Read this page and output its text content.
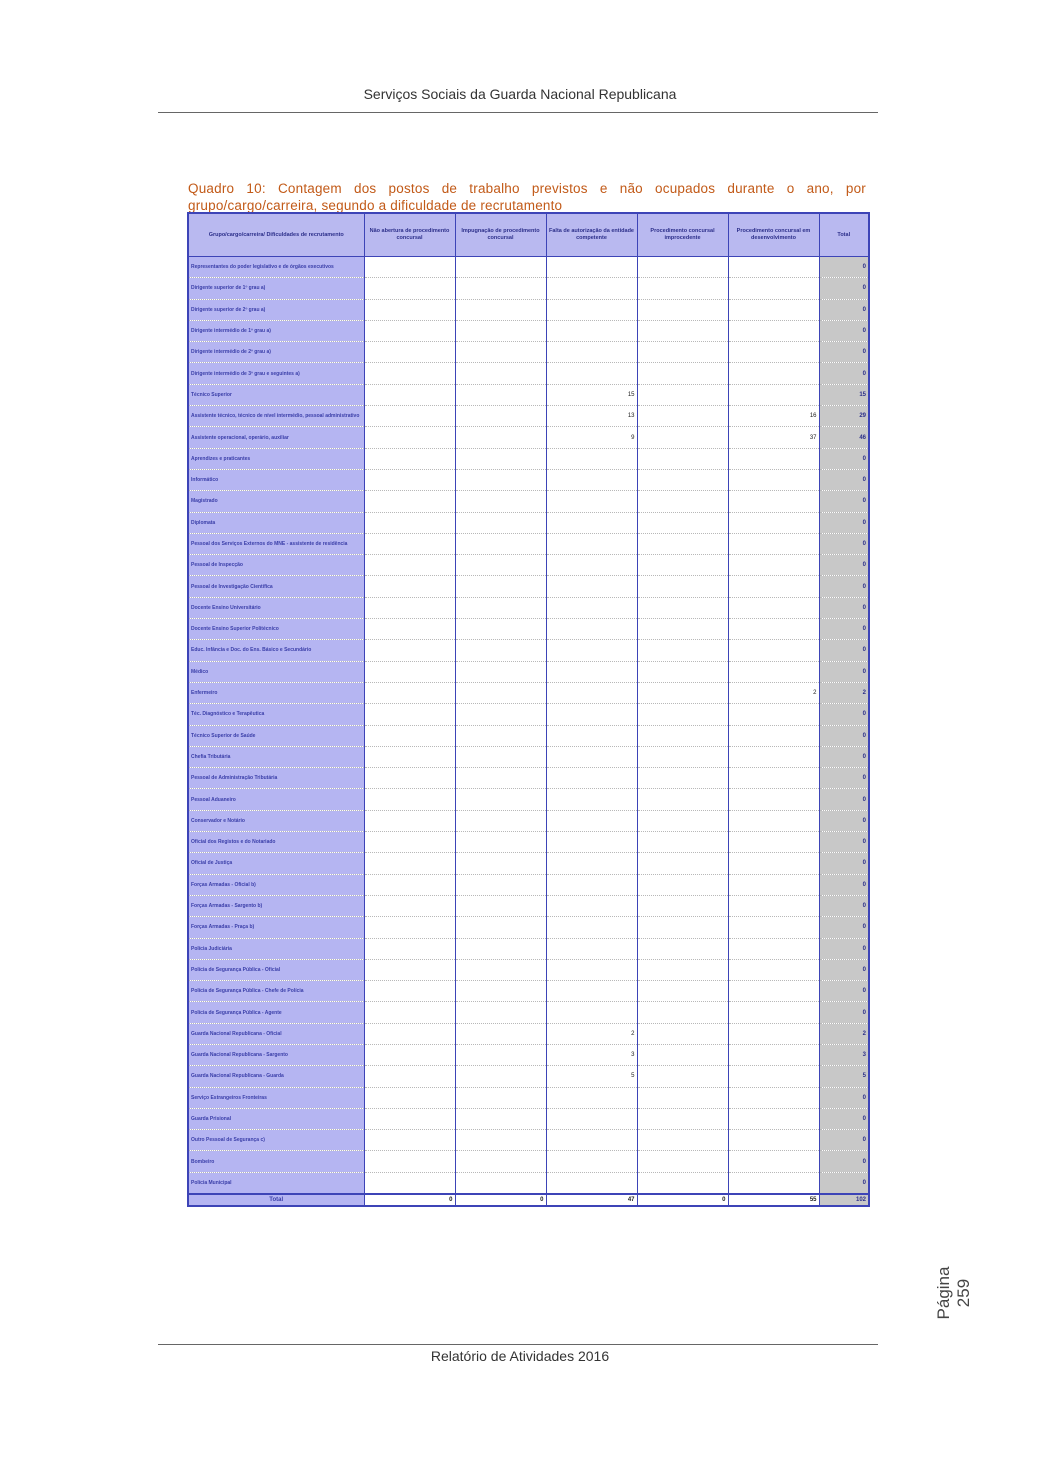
Serviços Sociais da Guarda Nacional Republicana
Quadro 10: Contagem dos postos de trabalho previstos e não ocupados durante o ano, por grupo/cargo/carreira, segundo a dificuldade de recrutamento
Grupo/cargo/carreira/ Dificuldades de recrutamento	Não abertura de procedimento concursal	Impugnação de procedimento concursal	Falta de autorização da entidade competente	Procedimento concursal improcedente	Procedimento concursal em desenvolvimento	Total
Representantes do poder legislativo e de órgãos executivos						0
Dirigente superior de 1º grau a)						0
Dirigente superior de 2º grau a)						0
Dirigente intermédio de 1º grau a)						0
Dirigente intermédio de 2º grau a)						0
Dirigente intermédio de 3º grau e seguintes a)						0
Técnico Superior			15			15
Assistente técnico, técnico de nível intermédio, pessoal administrativo			13		16	29
Assistente operacional, operário, auxiliar			9		37	46
Aprendizes e praticantes						0
Informático						0
Magistrado						0
Diplomata						0
Pessoal dos Serviços Externos do MNE - assistente de residência						0
Pessoal de Inspecção						0
Pessoal de Investigação Científica						0
Docente Ensino Universitário						0
Docente Ensino Superior Politécnico						0
Educ. Infância e Doc. do Ens. Básico e Secundário						0
Médico						0
Enfermeiro					2	2
Téc. Diagnóstico e Terapêutica						0
Técnico Superior de Saúde						0
Chefia Tributária						0
Pessoal de Administração Tributária						0
Pessoal Aduaneiro						0
Conservador e Notário						0
Oficial dos Registos e do Notariado						0
Oficial de Justiça						0
Forças Armadas - Oficial b)						0
Forças Armadas - Sargento b)						0
Forças Armadas - Praça b)						0
Polícia Judiciária						0
Polícia de Segurança Pública - Oficial						0
Polícia de Segurança Pública - Chefe de Polícia						0
Polícia de Segurança Pública - Agente						0
Guarda Nacional Republicana - Oficial			2			2
Guarda Nacional Republicana - Sargento			3			3
Guarda Nacional Republicana - Guarda			5			5
Serviço Estrangeiros Fronteiras						0
Guarda Prisional						0
Outro Pessoal de Segurança c)						0
Bombeiro						0
Polícia Municipal						0
Total	0	0	47	0	55	102
Relatório de Atividades 2016
Página 259
